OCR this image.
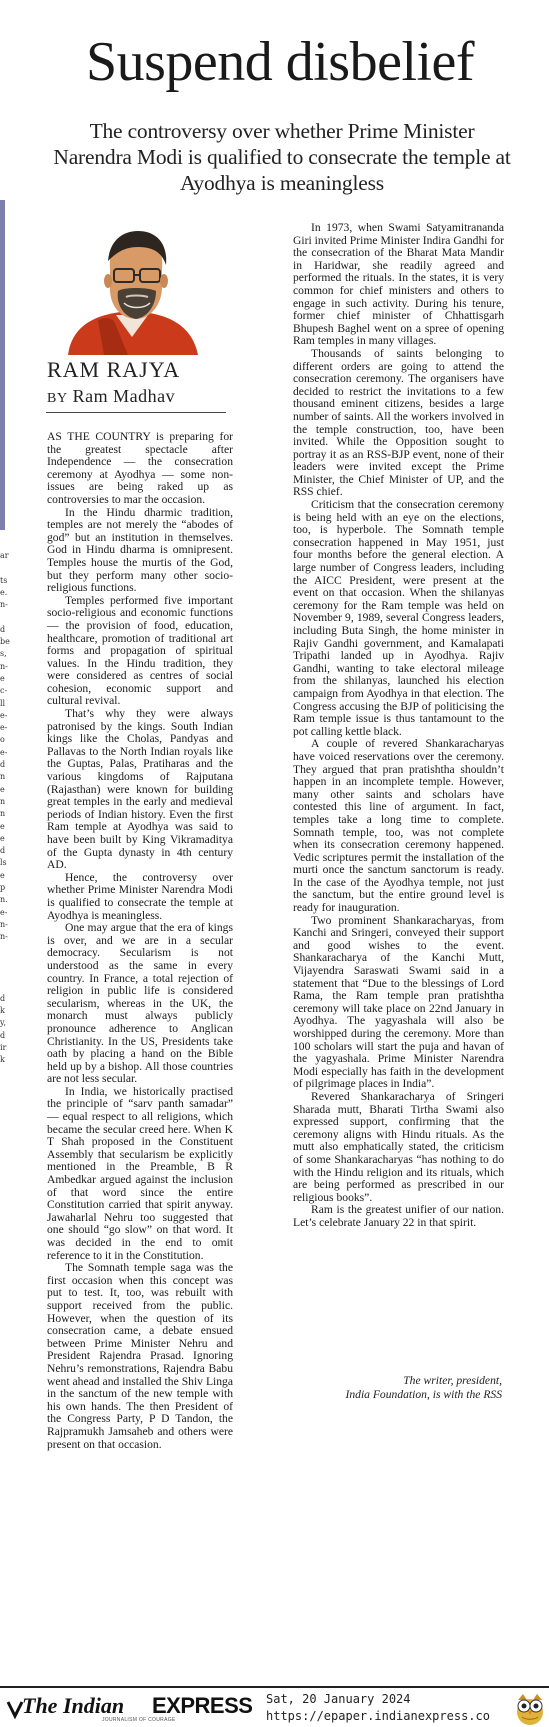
ar

ts
e.
n-

d
be
s,
n-
e
c-
ll
e-
e-
o
e-
d
n
e
n
n
e
e
d
ls
e
p
n.
e-
n-
n-

d
k
y,
d
ir
k
Suspend disbelief

The controversy over whether Prime Minister Narendra Modi is qualified to consecrate the temple at Ayodhya is meaningless

RAM RAJYA
BY Ram Madhav

AS THE COUNTRY is preparing for the greatest spectacle after Independence — the consecration ceremony at Ayodhya — some non-issues are being raked up as controversies to mar the occasion.

In the Hindu dharmic tradition, temples are not merely the “abodes of god” but an institution in themselves. God in Hindu dharma is omnipresent. Temples house the murtis of the God, but they perform many other socio-religious functions.

Temples performed five important socio-religious and economic functions — the provision of food, education, healthcare, promotion of traditional art forms and propagation of spiritual values. In the Hindu tradition, they were considered as centres of social cohesion, economic support and cultural revival.

That’s why they were always patronised by the kings. South Indian kings like the Cholas, Pandyas and Pallavas to the North Indian royals like the Guptas, Palas, Pratiharas and the various kingdoms of Rajputana (Rajasthan) were known for building great temples in the early and medieval periods of Indian history. Even the first Ram temple at Ayodhya was said to have been built by King Vikramaditya of the Gupta dynasty in 4th century AD.

Hence, the controversy over whether Prime Minister Narendra Modi is qualified to consecrate the temple at Ayodhya is meaningless.

One may argue that the era of kings is over, and we are in a secular democracy. Secularism is not understood as the same in every country. In France, a total rejection of religion in public life is considered secularism, whereas in the UK, the monarch must always publicly pronounce adherence to Anglican Christianity. In the US, Presidents take oath by placing a hand on the Bible held up by a bishop. All those countries are not less secular.

In India, we historically practised the principle of “sarv panth samadar” — equal respect to all religions, which became the secular creed here. When K T Shah proposed in the Constituent Assembly that secularism be explicitly mentioned in the Preamble, B R Ambedkar argued against the inclusion of that word since the entire Constitution carried that spirit anyway. Jawaharlal Nehru too suggested that one should “go slow” on that word. It was decided in the end to omit reference to it in the Constitution.

The Somnath temple saga was the first occasion when this concept was put to test. It, too, was rebuilt with support received from the public. However, when the question of its consecration came, a debate ensued between Prime Minister Nehru and President Rajendra Prasad. Ignoring Nehru’s remonstrations, Rajendra Babu went ahead and installed the Shiv Linga in the sanctum of the new temple with his own hands. The then President of the Congress Party, P D Tandon, the Rajpramukh Jamsaheb and others were present on that occasion.

In 1973, when Swami Satyamitrananda Giri invited Prime Minister Indira Gandhi for the consecration of the Bharat Mata Mandir in Haridwar, she readily agreed and performed the rituals. In the states, it is very common for chief ministers and others to engage in such activity. During his tenure, former chief minister of Chhattisgarh Bhupesh Baghel went on a spree of opening Ram temples in many villages.

Thousands of saints belonging to different orders are going to attend the consecration ceremony. The organisers have decided to restrict the invitations to a few thousand eminent citizens, besides a large number of saints. All the workers involved in the temple construction, too, have been invited. While the Opposition sought to portray it as an RSS-BJP event, none of their leaders were invited except the Prime Minister, the Chief Minister of UP, and the RSS chief.

Criticism that the consecration ceremony is being held with an eye on the elections, too, is hyperbole. The Somnath temple consecration happened in May 1951, just four months before the general election. A large number of Congress leaders, including the AICC President, were present at the event on that occasion. When the shilanyas ceremony for the Ram temple was held on November 9, 1989, several Congress leaders, including Buta Singh, the home minister in Rajiv Gandhi government, and Kamalapati Tripathi landed up in Ayodhya. Rajiv Gandhi, wanting to take electoral mileage from the shilanyas, launched his election campaign from Ayodhya in that election. The Congress accusing the BJP of politicising the Ram temple issue is thus tantamount to the pot calling kettle black.

A couple of revered Shankaracharyas have voiced reservations over the ceremony. They argued that pran pratishtha shouldn’t happen in an incomplete temple. However, many other saints and scholars have contested this line of argument. In fact, temples take a long time to complete. Somnath temple, too, was not complete when its consecration ceremony happened. Vedic scriptures permit the installation of the murti once the sanctum sanctorum is ready. In the case of the Ayodhya temple, not just the sanctum, but the entire ground level is ready for inauguration.

Two prominent Shankaracharyas, from Kanchi and Sringeri, conveyed their support and good wishes to the event. Shankaracharya of the Kanchi Mutt, Vijayendra Saraswati Swami said in a statement that “Due to the blessings of Lord Rama, the Ram temple pran pratishtha ceremony will take place on 22nd January in Ayodhya. The yagyashala will also be worshipped during the ceremony. More than 100 scholars will start the puja and havan of the yagyashala. Prime Minister Narendra Modi especially has faith in the development of pilgrimage places in India”.

Revered Shankaracharya of Sringeri Sharada mutt, Bharati Tirtha Swami also expressed support, confirming that the ceremony aligns with Hindu rituals. As the mutt also emphatically stated, the criticism of some Shankaracharyas “has nothing to do with the Hindu religion and its rituals, which are being performed as prescribed in our religious books”.

Ram is the greatest unifier of our nation. Let’s celebrate January 22 in that spirit.

The writer, president,
India Foundation, is with the RSS
The Indian EXPRESS
JOURNALISM OF COURAGE
Sat, 20 January 2024
https://epaper.indianexpress.co
